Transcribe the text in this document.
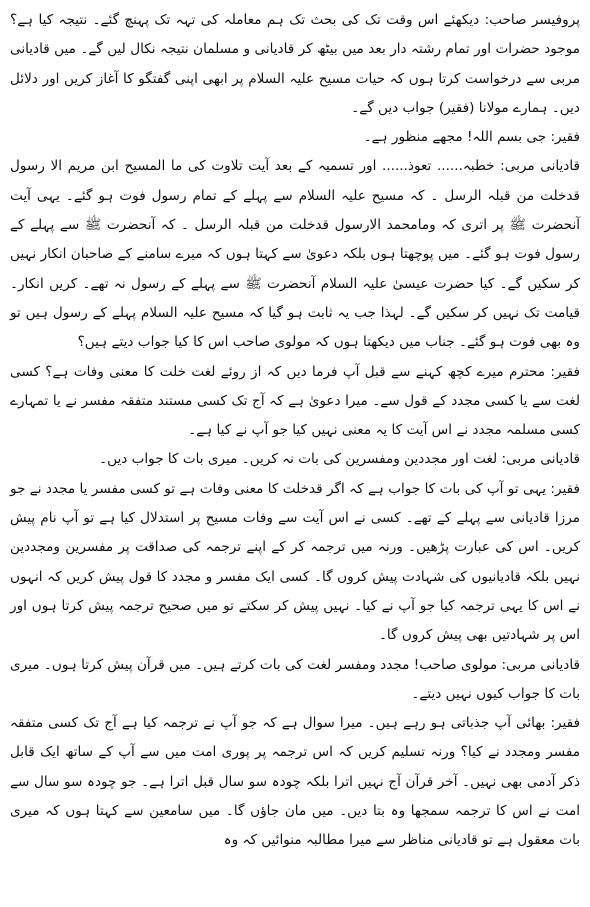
پروفیسر صاحب: دیکھئے اس وقت تک کی بحث تک ہم معاملہ کی تہہ تک پہنچ گئے۔ نتیجہ کیا ہے؟ موجود حضرات اور تمام رشتہ دار بعد میں بیٹھ کر قادیانی و مسلمان نتیجہ نکال لیں گے۔ میں قادیانی مربی سے درخواست کرتا ہوں کہ حیات مسیح علیہ السلام پر ابھی اپنی گفتگو کا آغاز کریں اور دلائل دیں۔ ہمارے مولانا (فقیر) جواب دیں گے۔

فقیر: جی بسم اللہ! مجھے منظور ہے۔

قادیانی مربی: خطبہ...... تعوذ...... اور تسمیہ کے بعد آیت تلاوت کی ما المسیح ابن مریم الا رسول قدخلت من قبلہ الرسل ۔ کہ مسیح علیہ السلام سے پہلے کے تمام رسول فوت ہو گئے۔ یہی آیت آنحضرت ﷺ پر اتری کہ ومامحمد الارسول قدخلت من قبلہ الرسل ۔ کہ آنحضرت ﷺ سے پہلے کے رسول فوت ہو گئے۔ میں پوچھتا ہوں بلکہ دعویٰ سے کہتا ہوں کہ میرے سامنے کے صاحبان انکار نہیں کر سکیں گے۔ کیا حضرت عیسیٰ علیہ السلام آنحضرت ﷺ سے پہلے کے رسول نہ تھے۔ کریں انکار۔ قیامت تک نہیں کر سکیں گے۔ لہذا جب یہ ثابت ہو گیا کہ مسیح علیہ السلام پہلے کے رسول ہیں تو وہ بھی فوت ہو گئے۔ جناب میں دیکھتا ہوں کہ مولوی صاحب اس کا کیا جواب دیتے ہیں؟

فقیر: محترم میرے کچھ کہنے سے قبل آپ فرما دیں کہ از روئے لغت خلت کا معنی وفات ہے؟ کسی لغت سے یا کسی مجدد کے قول سے۔ میرا دعویٰ ہے کہ آج تک کسی مستند متفقہ مفسر نے یا تمہارے کسی مسلمہ مجدد نے اس آیت کا یہ معنی نہیں کیا جو آپ نے کیا ہے۔

قادیانی مربی: لغت اور مجددین ومفسرین کی بات نہ کریں۔ میری بات کا جواب دیں۔

فقیر: یہی تو آپ کی بات کا جواب ہے کہ اگر قدخلت کا معنی وفات ہے تو کسی مفسر یا مجدد نے جو مرزا قادیانی سے پہلے کے تھے۔ کسی نے اس آیت سے وفات مسیح پر استدلال کیا ہے تو آپ نام پیش کریں۔ اس کی عبارت پڑھیں۔ ورنہ میں ترجمہ کر کے اپنے ترجمہ کی صداقت پر مفسرین ومجددین نہیں بلکہ قادیانیوں کی شہادت پیش کروں گا۔ کسی ایک مفسر و مجدد کا قول پیش کریں کہ انہوں نے اس کا یہی ترجمہ کیا جو آپ نے کیا۔ نہیں پیش کر سکتے تو میں صحیح ترجمہ پیش کرتا ہوں اور اس پر شہادتیں بھی پیش کروں گا۔

قادیانی مربی: مولوی صاحب! مجدد ومفسر لغت کی بات کرتے ہیں۔ میں قرآن پیش کرتا ہوں۔ میری بات کا جواب کیوں نہیں دیتے۔

فقیر: بھائی آپ جذباتی ہو رہے ہیں۔ میرا سوال ہے کہ جو آپ نے ترجمہ کیا ہے آج تک کسی متفقہ مفسر ومجدد نے کیا؟ ورنہ تسلیم کریں کہ اس ترجمہ پر پوری امت میں سے آپ کے ساتھ ایک قابل ذکر آدمی بھی نہیں۔ آخر قرآن آج نہیں اترا بلکہ چودہ سو سال قبل اترا ہے۔ جو چودہ سو سال سے امت نے اس کا ترجمہ سمجھا وہ بتا دیں۔ میں مان جاؤں گا۔ میں سامعین سے کہتا ہوں کہ میری بات معقول ہے تو قادیانی مناظر سے میرا مطالبہ منوائیں کہ وہ
